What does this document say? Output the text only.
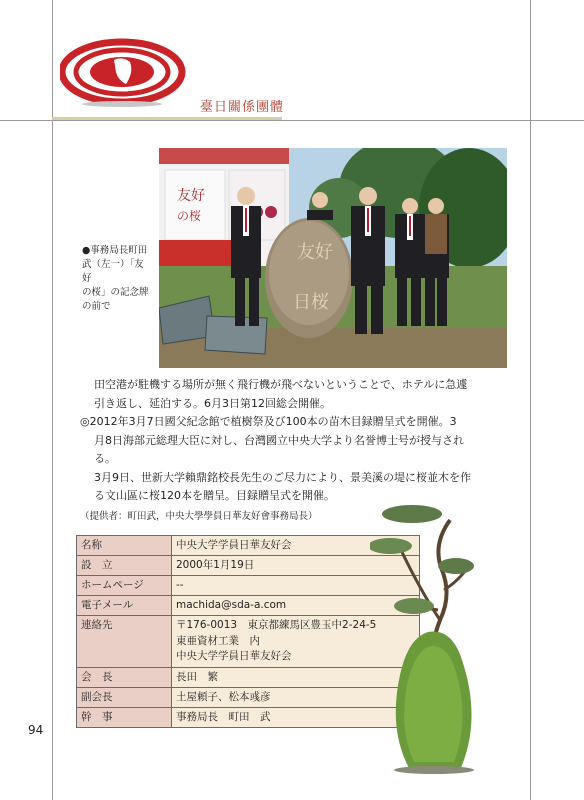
臺日關係團體
友好
の桜
友好
日桜
●事務局長町田
武（左一）「友好
の桜」の記念牌
の前で

田空港が駐機する場所が無く飛行機が飛べないということで、ホテルに急遽

引き返し、延泊する。6月3日第12回総会開催。

◎2012年3月7日國父紀念館で植樹祭及び100本の苗木目録贈呈式を開催。3

月8日海部元総理大臣に対し、台灣國立中央大学より名誉博士号が授与され

る。

3月9日、世新大学賴鼎銘校長先生のご尽力により、景美溪の堤に桜並木を作

る文山區に桜120本を贈呈。目録贈呈式を開催。

（提供者：町田武，中央大學學員日華友好會事務局長）
名称	中央大学学員日華友好会
設　立	2000年1月19日
ホームページ	--
電子メール	machida@sda-a.com
連絡先	〒176-0013　東京都練馬区豊玉中2-24-5
東亜資材工業　内
中央大学学員日華友好会

会　長	長田　繁
副会長	土屋頼子、松本彧彦
幹　事	事務局長　町田　武
94
